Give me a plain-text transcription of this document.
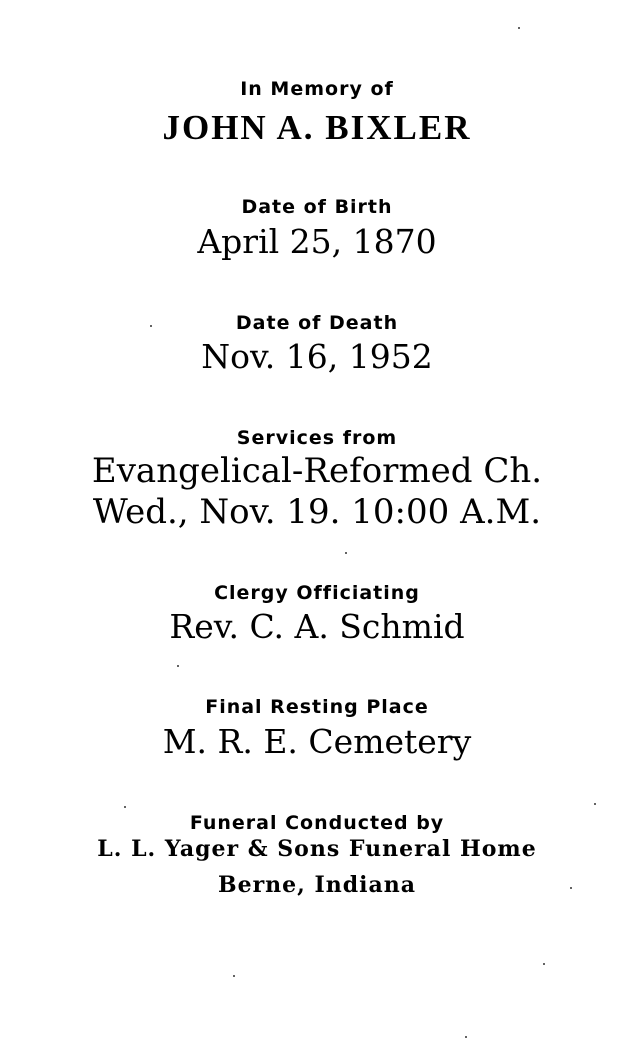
In Memory of
JOHN A. BIXLER
Date of Birth
April 25, 1870
Date of Death
Nov. 16, 1952
Services from
Evangelical-Reformed Ch.
Wed., Nov. 19. 10:00 A.M.
Clergy Officiating
Rev. C. A. Schmid
Final Resting Place
M. R. E. Cemetery
Funeral Conducted by
L. L. Yager & Sons Funeral Home
Berne, Indiana
